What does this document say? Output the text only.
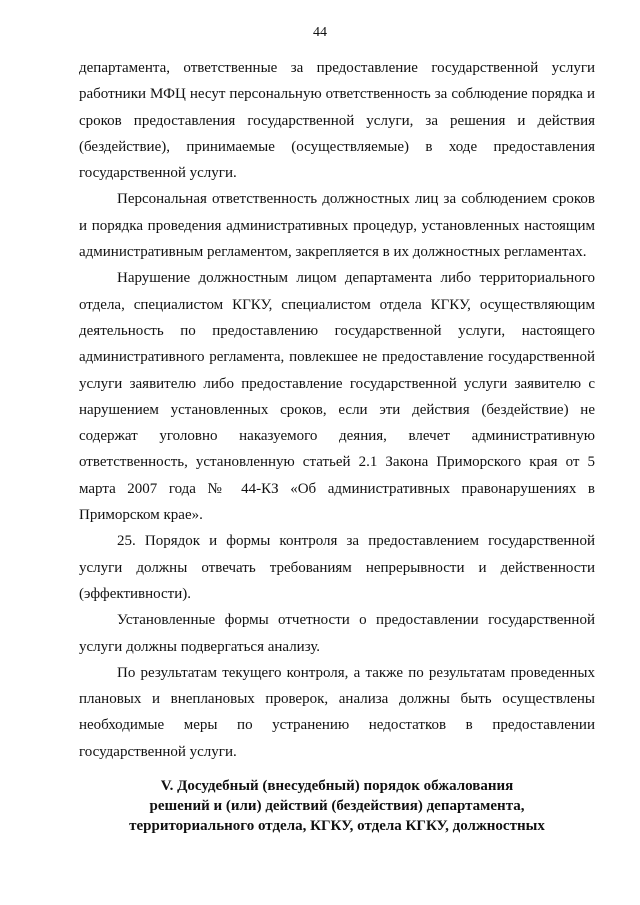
44

департамента, ответственные за предоставление государственной услуги работники МФЦ несут персональную ответственность за соблюдение порядка и сроков предоставления государственной услуги, за решения и действия (бездействие), принимаемые (осуществляемые) в ходе предоставления государственной услуги.

Персональная ответственность должностных лиц за соблюдением сроков и порядка проведения административных процедур, установленных настоящим административным регламентом, закрепляется в их должностных регламентах.

Нарушение должностным лицом департамента либо территориального отдела, специалистом КГКУ, специалистом отдела КГКУ, осуществляющим деятельность по предоставлению государственной услуги, настоящего административного регламента, повлекшее не предоставление государственной услуги заявителю либо предоставление государственной услуги заявителю с нарушением установленных сроков, если эти действия (бездействие) не содержат уголовно наказуемого деяния, влечет административную ответственность, установленную статьей 2.1 Закона Приморского края от 5 марта 2007 года № 44-КЗ «Об административных правонарушениях в Приморском крае».

25. Порядок и формы контроля за предоставлением государственной услуги должны отвечать требованиям непрерывности и действенности (эффективности).

Установленные формы отчетности о предоставлении государственной услуги должны подвергаться анализу.

По результатам текущего контроля, а также по результатам проведенных плановых и внеплановых проверок, анализа должны быть осуществлены необходимые меры по устранению недостатков в предоставлении государственной услуги.

V. Досудебный (внесудебный) порядок обжалования
решений и (или) действий (бездействия) департамента,
территориального отдела, КГКУ, отдела КГКУ, должностных
